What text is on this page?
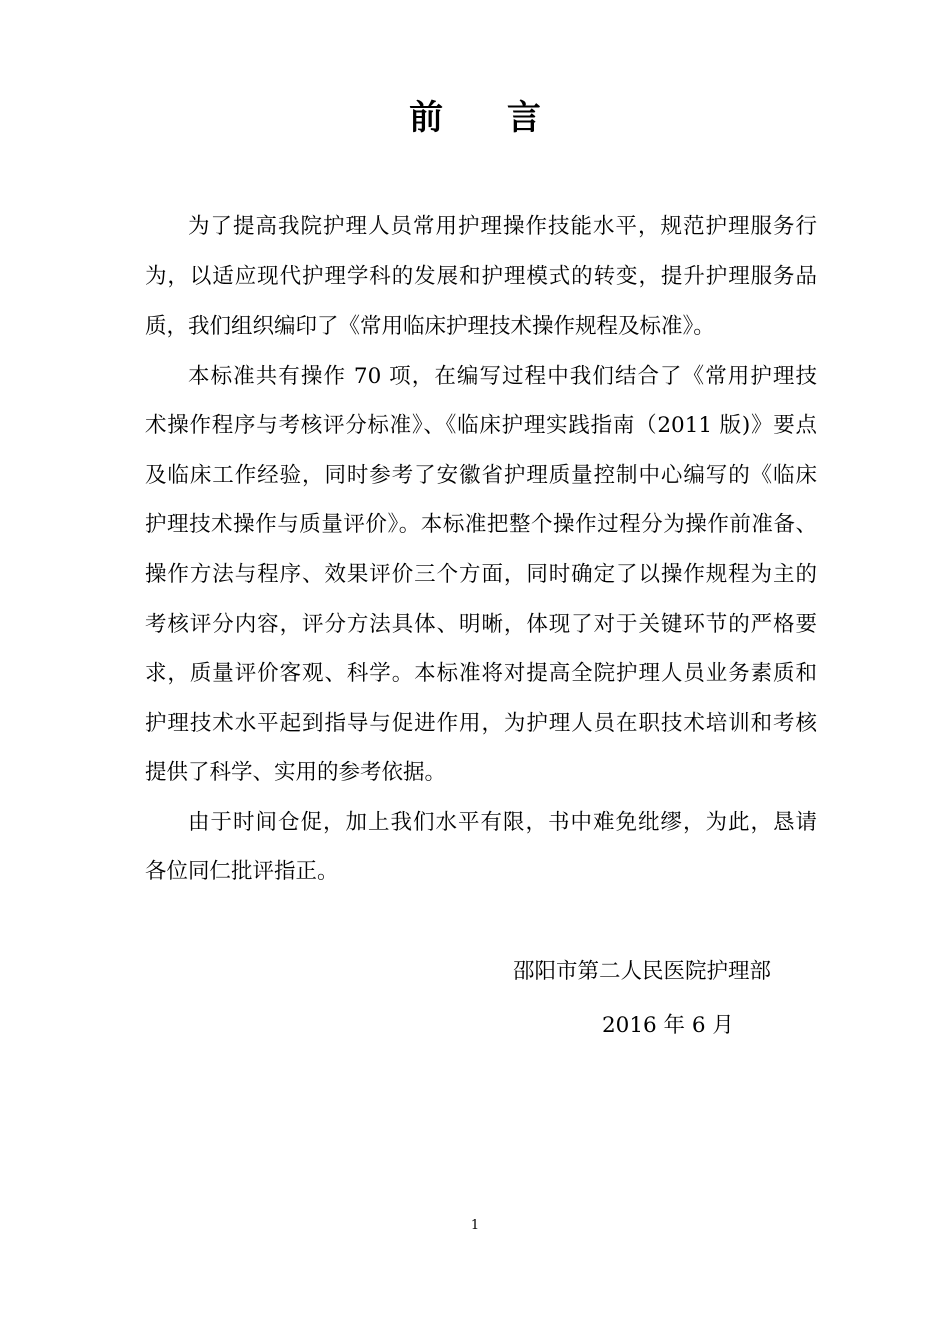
前 言
为了提高我院护理人员常用护理操作技能水平，规范护理服务行
为，以适应现代护理学科的发展和护理模式的转变，提升护理服务品
质，我们组织编印了《常用临床护理技术操作规程及标准》。
本标准共有操作 70 项，在编写过程中我们结合了《常用护理技
术操作程序与考核评分标准》、《临床护理实践指南（2011 版)》要点
及临床工作经验，同时参考了安徽省护理质量控制中心编写的《临床
护理技术操作与质量评价》。本标准把整个操作过程分为操作前准备、
操作方法与程序、效果评价三个方面，同时确定了以操作规程为主的
考核评分内容，评分方法具体、明晰，体现了对于关键环节的严格要
求，质量评价客观、科学。本标准将对提高全院护理人员业务素质和
护理技术水平起到指导与促进作用，为护理人员在职技术培训和考核
提供了科学、实用的参考依据。
由于时间仓促，加上我们水平有限，书中难免纰缪，为此，恳请
各位同仁批评指正。
邵阳市第二人民医院护理部
2016 年 6 月
1
